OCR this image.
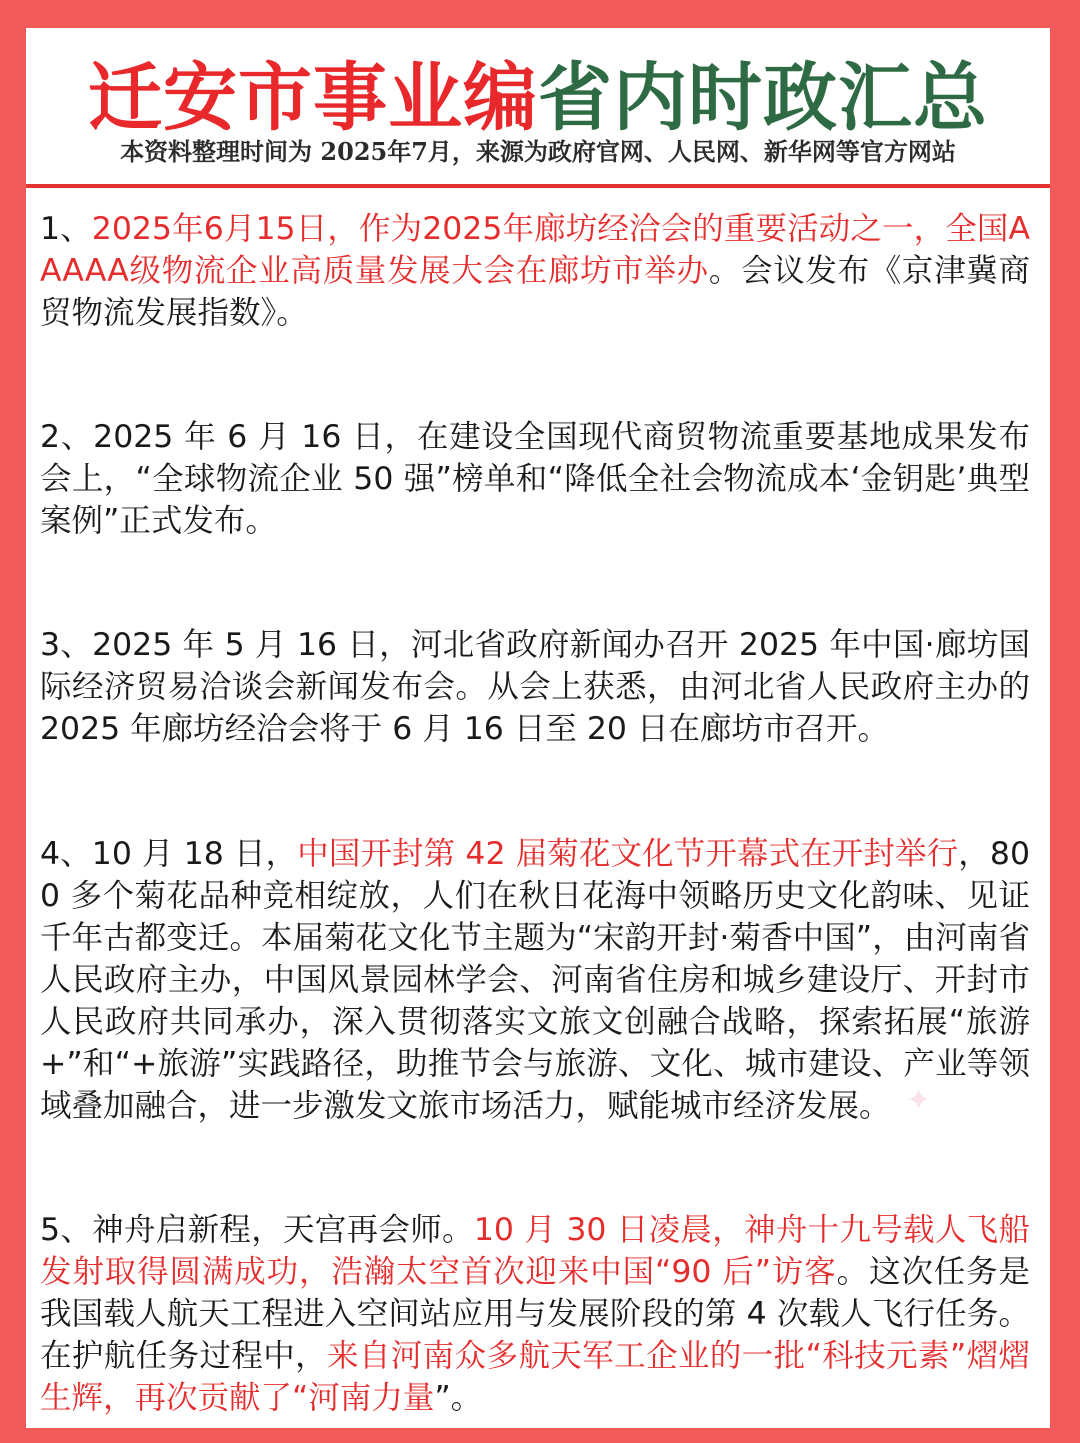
迁安市事业编省内时政汇总
本资料整理时间为 2025年7月，来源为政府官网、人民网、新华网等官方网站

1、2025年6月15日，作为2025年廊坊经洽会的重要活动之一，全国AAAAA级物流企业高质量发展大会在廊坊市举办。会议发布《京津冀商贸物流发展指数》。

2、2025 年 6 月 16 日，在建设全国现代商贸物流重要基地成果发布会上，“全球物流企业 50 强”榜单和“降低全社会物流成本‘金钥匙’典型案例”正式发布。

3、2025 年 5 月 16 日，河北省政府新闻办召开 2025 年中国·廊坊国际经济贸易洽谈会新闻发布会。从会上获悉，由河北省人民政府主办的 2025 年廊坊经洽会将于 6 月 16 日至 20 日在廊坊市召开。

4、10 月 18 日，中国开封第 42 届菊花文化节开幕式在开封举行，800 多个菊花品种竞相绽放，人们在秋日花海中领略历史文化韵味、见证千年古都变迁。本届菊花文化节主题为“宋韵开封·菊香中国”，由河南省人民政府主办，中国风景园林学会、河南省住房和城乡建设厅、开封市人民政府共同承办，深入贯彻落实文旅文创融合战略，探索拓展“旅游+”和“+旅游”实践路径，助推节会与旅游、文化、城市建设、产业等领域叠加融合，进一步激发文旅市场活力，赋能城市经济发展。

5、神舟启新程，天宫再会师。10 月 30 日凌晨，神舟十九号载人飞船发射取得圆满成功，浩瀚太空首次迎来中国“90 后”访客。这次任务是我国载人航天工程进入空间站应用与发展阶段的第 4 次载人飞行任务。在护航任务过程中，来自河南众多航天军工企业的一批“科技元素”熠熠生辉，再次贡献了“河南力量”。

✦
